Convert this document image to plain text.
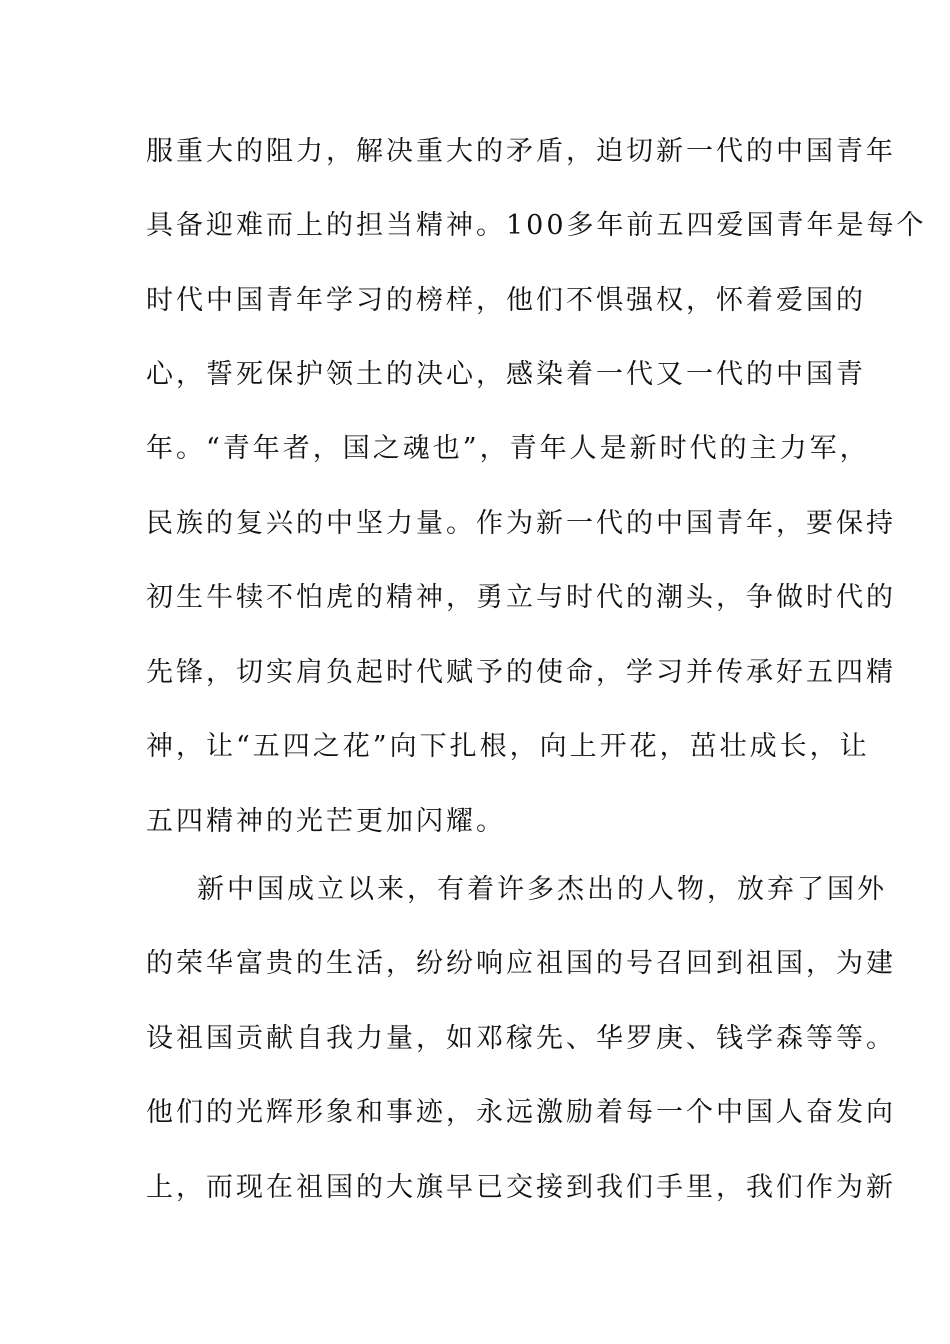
服重大的阻力，解决重大的矛盾，迫切新一代的中国青年
具备迎难而上的担当精神。100多年前五四爱国青年是每个
时代中国青年学习的榜样，他们不惧强权，怀着爱国的
心，誓死保护领土的决心，感染着一代又一代的中国青
年。“青年者，国之魂也”，青年人是新时代的主力军，
民族的复兴的中坚力量。作为新一代的中国青年，要保持
初生牛犊不怕虎的精神，勇立与时代的潮头，争做时代的
先锋，切实肩负起时代赋予的使命，学习并传承好五四精
神，让“五四之花”向下扎根，向上开花，茁壮成长，让
五四精神的光芒更加闪耀。
新中国成立以来，有着许多杰出的人物，放弃了国外
的荣华富贵的生活，纷纷响应祖国的号召回到祖国，为建
设祖国贡献自我力量，如邓稼先、华罗庚、钱学森等等。
他们的光辉形象和事迹，永远激励着每一个中国人奋发向
上，而现在祖国的大旗早已交接到我们手里，我们作为新
